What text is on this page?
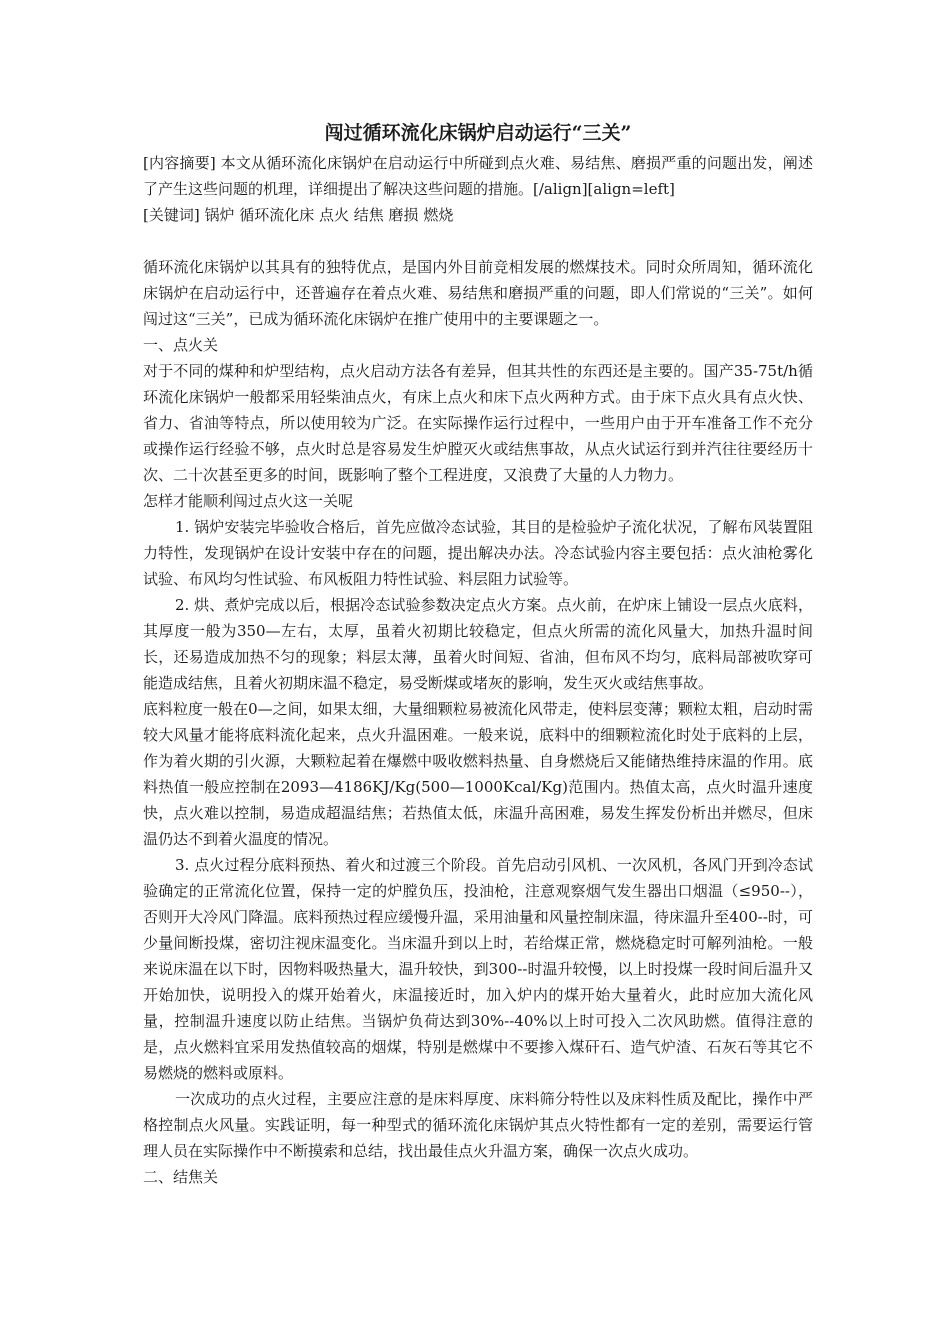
闯过循环流化床锅炉启动运行“三关”

[内容摘要] 本文从循环流化床锅炉在启动运行中所碰到点火难、易结焦、磨损严重的问题出发，阐述了产生这些问题的机理，详细提出了解决这些问题的措施。[/align][align=left]

[关键词] 锅炉 循环流化床 点火 结焦 磨损 燃烧

循环流化床锅炉以其具有的独特优点，是国内外目前竞相发展的燃煤技术。同时众所周知，循环流化床锅炉在启动运行中，还普遍存在着点火难、易结焦和磨损严重的问题，即人们常说的“三关”。如何闯过这“三关”，已成为循环流化床锅炉在推广使用中的主要课题之一。

一、点火关

对于不同的煤种和炉型结构，点火启动方法各有差异，但其共性的东西还是主要的。国产35-75t/h循环流化床锅炉一般都采用轻柴油点火，有床上点火和床下点火两种方式。由于床下点火具有点火快、省力、省油等特点，所以使用较为广泛。在实际操作运行过程中，一些用户由于开车准备工作不充分或操作运行经验不够，点火时总是容易发生炉膛灭火或结焦事故，从点火试运行到并汽往往要经历十次、二十次甚至更多的时间，既影响了整个工程进度，又浪费了大量的人力物力。

怎样才能顺利闯过点火这一关呢

1. 锅炉安装完毕验收合格后，首先应做冷态试验，其目的是检验炉子流化状况，了解布风装置阻力特性，发现锅炉在设计安装中存在的问题，提出解决办法。冷态试验内容主要包括：点火油枪雾化试验、布风均匀性试验、布风板阻力特性试验、料层阻力试验等。

2. 烘、煮炉完成以后，根据冷态试验参数决定点火方案。点火前，在炉床上铺设一层点火底料，其厚度一般为350—左右，太厚，虽着火初期比较稳定，但点火所需的流化风量大，加热升温时间长，还易造成加热不匀的现象；料层太薄，虽着火时间短、省油，但布风不均匀，底料局部被吹穿可能造成结焦，且着火初期床温不稳定，易受断煤或堵灰的影响，发生灭火或结焦事故。

底料粒度一般在0—之间，如果太细，大量细颗粒易被流化风带走，使料层变薄；颗粒太粗，启动时需较大风量才能将底料流化起来，点火升温困难。一般来说，底料中的细颗粒流化时处于底料的上层，作为着火期的引火源，大颗粒起着在爆燃中吸收燃料热量、自身燃烧后又能储热维持床温的作用。底料热值一般应控制在2093—4186KJ/Kg(500—1000Kcal/Kg)范围内。热值太高，点火时温升速度快，点火难以控制，易造成超温结焦；若热值太低，床温升高困难，易发生挥发份析出并燃尽，但床温仍达不到着火温度的情况。

3. 点火过程分底料预热、着火和过渡三个阶段。首先启动引风机、一次风机，各风门开到冷态试验确定的正常流化位置，保持一定的炉膛负压，投油枪，注意观察烟气发生器出口烟温（≤950--），否则开大冷风门降温。底料预热过程应缓慢升温，采用油量和风量控制床温，待床温升至400--时，可少量间断投煤，密切注视床温变化。当床温升到以上时，若给煤正常，燃烧稳定时可解列油枪。一般来说床温在以下时，因物料吸热量大，温升较快，到300--时温升较慢，以上时投煤一段时间后温升又开始加快，说明投入的煤开始着火，床温接近时，加入炉内的煤开始大量着火，此时应加大流化风量，控制温升速度以防止结焦。当锅炉负荷达到30%--40%以上时可投入二次风助燃。值得注意的是，点火燃料宜采用发热值较高的烟煤，特别是燃煤中不要掺入煤矸石、造气炉渣、石灰石等其它不易燃烧的燃料或原料。

一次成功的点火过程，主要应注意的是床料厚度、床料筛分特性以及床料性质及配比，操作中严格控制点火风量。实践证明，每一种型式的循环流化床锅炉其点火特性都有一定的差别，需要运行管理人员在实际操作中不断摸索和总结，找出最佳点火升温方案，确保一次点火成功。

二、结焦关
